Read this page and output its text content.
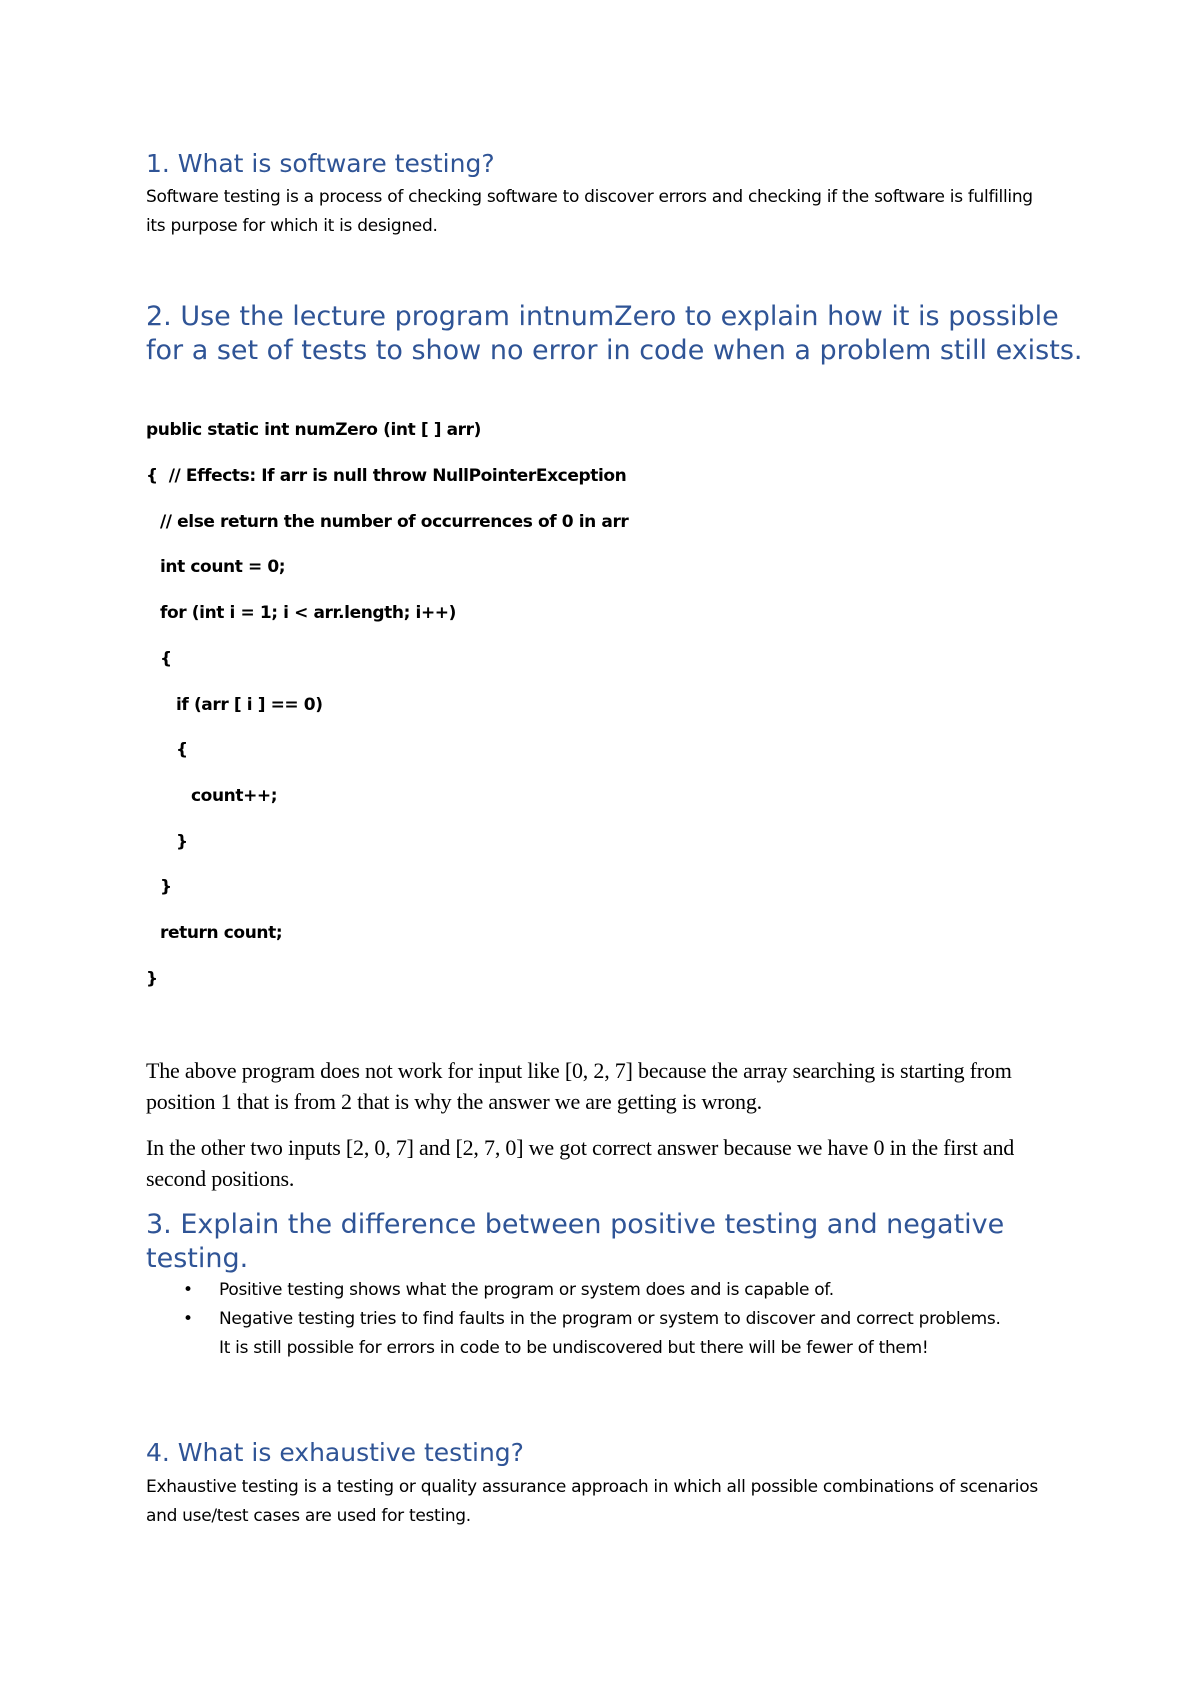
1. What is software testing?

Software testing is a process of checking software to discover errors and checking if the software is fulfilling its purpose for which it is designed.

2. Use the lecture program intnumZero to explain how it is possible
for a set of tests to show no error in code when a problem still exists.

public static int numZero (int [ ] arr)

{  // Effects: If arr is null throw NullPointerException

// else return the number of occurrences of 0 in arr

int count = 0;

for (int i = 1; i < arr.length; i++)

{

if (arr [ i ] == 0)

{

count++;

}

}

return count;

}

The above program does not work for input like [0, 2, 7] because the array searching is starting from position 1 that is from 2 that is why the answer we are getting is wrong.

In the other two inputs [2, 0, 7] and [2, 7, 0] we got correct answer because we have 0 in the first and second positions.

3. Explain the difference between positive testing and negative testing.
• Positive testing shows what the program or system does and is capable of.
• Negative testing tries to find faults in the program or system to discover and correct problems. It is still possible for errors in code to be undiscovered but there will be fewer of them!
4. What is exhaustive testing?

Exhaustive testing is a testing or quality assurance approach in which all possible combinations of scenarios and use/test cases are used for testing.
